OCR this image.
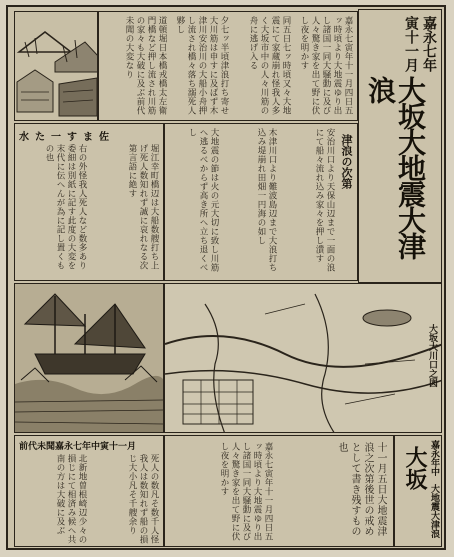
嘉永七年
寅十一月
大坂大地震大津浪
嘉永七寅年十一月四日五ッ時頃より大地震ゆり出し諸国一同大騒動に及び人々驚き家を出て野に伏し夜を明かす
同五日七ッ時頃又々大地震にて家蔵崩れ怪我人多く大坂市中の人々川筋の舟に逃げ入る
夕七ッ半頃津浪打ち寄せ大川筋は申すに及ばず木津川安治川の大船小舟押し流され橋々落ち溺死人夥し
道頓堀日本橋戎橋太左衛門橋など押し流され川筋の家々も大破に及ぶ前代未聞の大変なり
水た一すま佐
堀江幸町橋辺は大船数艘打ち上げ死人数知れず誠に哀れなる次第言語に絶す
右の外怪我人死人など数多あり委細は別紙に記す此度の大変を末代に伝へんが為に記し置くもの也	津浪の次第
安治川口より天保山辺まで一面の浪にて船々流れ込み家々を押し潰す
木津川口より難波島辺まで大浪打ち込み堤崩れ田畑一円海の如し
大地震の節は火の元大切に致し川筋へ逃るべからず高き所へ立ち退くべし
大坂大川口之図
嘉永七年中寅十一月
前代未聞
死人の数凡そ数千人怪我人は数知れず船の損じ大小凡そ千艘余り
北新地曽根崎辺少々の損じにて相済み候へ共南の方は大破に及ぶ	十一月五日大地震津浪之次第後世の戒めとして書き残すもの也
嘉永七寅年十一月四日五ッ時頃より大地震ゆり出し諸国一同大騒動に及び人々驚き家を出て野に伏し夜を明かす	嘉永年中
大坂
大地震大津浪
